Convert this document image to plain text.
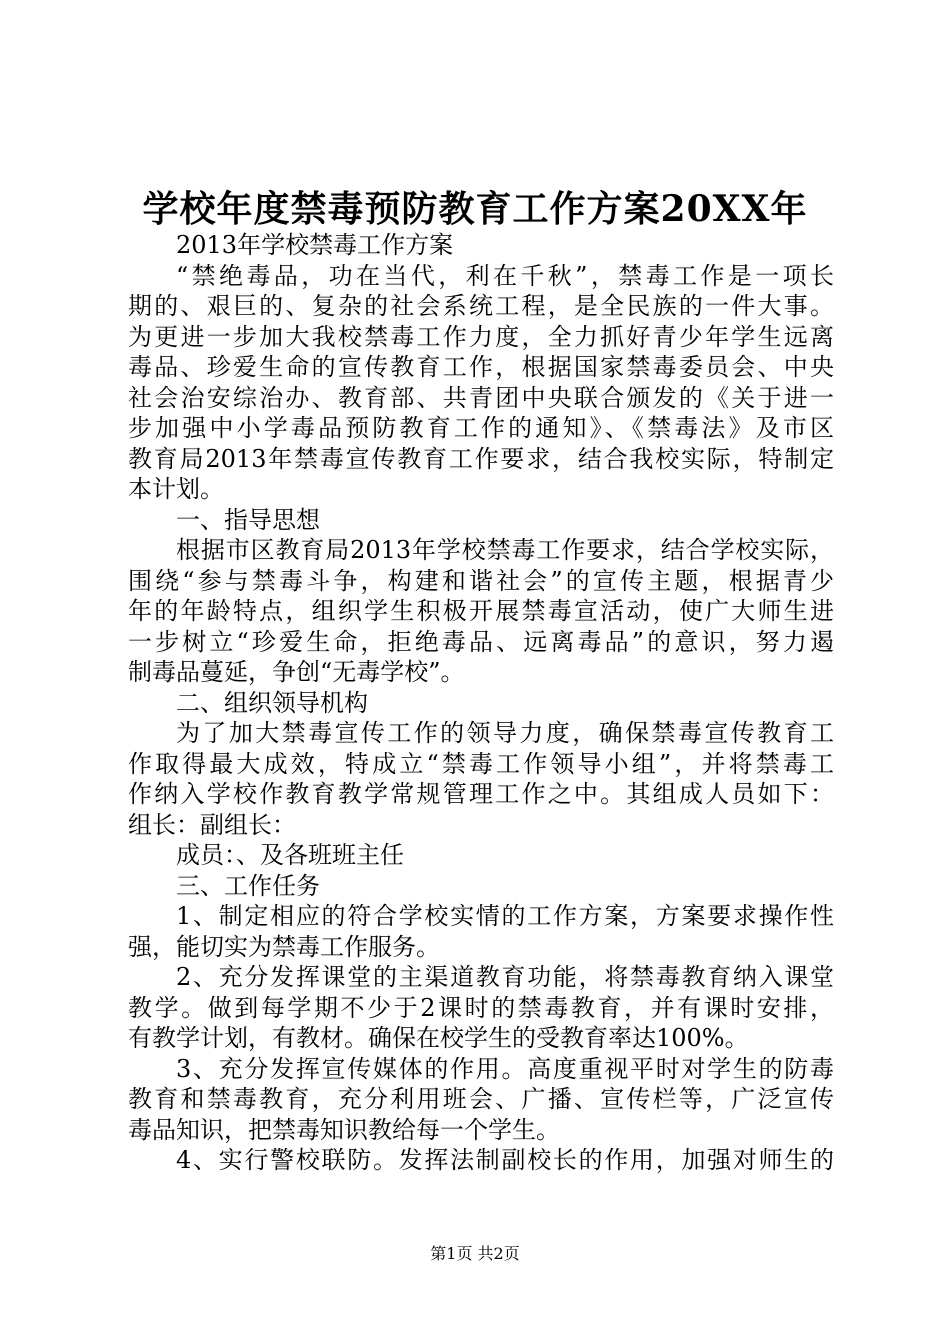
学校年度禁毒预防教育工作方案20XX年
2013年学校禁毒工作方案
“禁绝毒品，功在当代，利在千秋”，禁毒工作是一项长
期的、艰巨的、复杂的社会系统工程，是全民族的一件大事。
为更进一步加大我校禁毒工作力度，全力抓好青少年学生远离
毒品、珍爱生命的宣传教育工作，根据国家禁毒委员会、中央
社会治安综治办、教育部、共青团中央联合颁发的《关于进一
步加强中小学毒品预防教育工作的通知》、《禁毒法》及市区
教育局2013年禁毒宣传教育工作要求，结合我校实际，特制定
本计划。
一、指导思想
根据市区教育局2013年学校禁毒工作要求，结合学校实际，
围绕“参与禁毒斗争，构建和谐社会”的宣传主题，根据青少
年的年龄特点，组织学生积极开展禁毒宣活动，使广大师生进
一步树立“珍爱生命，拒绝毒品、远离毒品”的意识，努力遏
制毒品蔓延，争创“无毒学校”。
二、组织领导机构
为了加大禁毒宣传工作的领导力度，确保禁毒宣传教育工
作取得最大成效，特成立“禁毒工作领导小组”，并将禁毒工
作纳入学校作教育教学常规管理工作之中。其组成人员如下：
组长：副组长：
成员：、及各班班主任
三、工作任务
1、制定相应的符合学校实情的工作方案，方案要求操作性
强，能切实为禁毒工作服务。
2、充分发挥课堂的主渠道教育功能，将禁毒教育纳入课堂
教学。做到每学期不少于2课时的禁毒教育，并有课时安排，
有教学计划，有教材。确保在校学生的受教育率达100%。
3、充分发挥宣传媒体的作用。高度重视平时对学生的防毒
教育和禁毒教育，充分利用班会、广播、宣传栏等，广泛宣传
毒品知识，把禁毒知识教给每一个学生。
4、实行警校联防。发挥法制副校长的作用，加强对师生的
第1页 共2页
